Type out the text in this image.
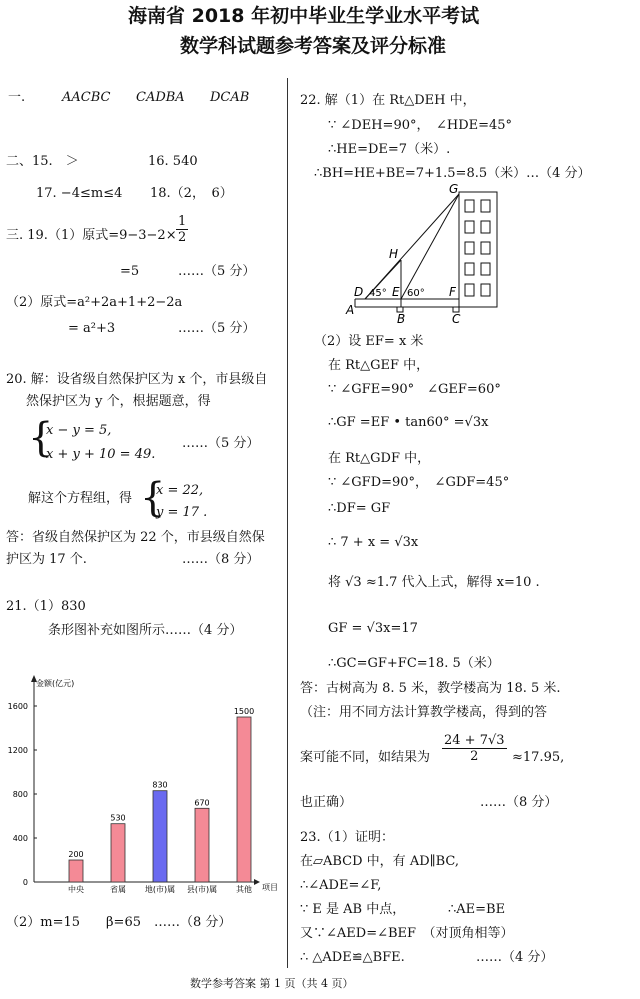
海南省 2018 年初中毕业生学业水平考试
数学科试题参考答案及评分标准
一.	AACBC CADBA DCAB
二、15.　＞	16. 540
17. −4≤m≤4 18.（2，　6）
三. 19.（1）原式$=9-3-2\times \frac{1}{2}$
=5	……（5 分）
（2）原式=a²+2a+1+2−2a
= a²+3	……（5 分）
20. 解：设省级自然保护区为 x 个，市县级自
然保护区为 y 个，根据题意，得
{
x − y = 5,
x + y + 10 = 49.
……（5 分）
解这个方程组，得 {
x = 22,
y = 17 .
答：省级自然保护区为 22 个，市县级自然保
护区为 17 个.	……（8 分）
21.（1）830
条形图补充如图所示……（4 分）
金额(亿元)
项目
0
400
800
1200
1600
200
中央
530
省属
830
地(市)属
670
县(市)属
1500
其他
（2）m=15　　β=65　……（8 分）
22. 解（1）在 Rt△DEH 中，
∵ ∠DEH=90°，　∠HDE=45°
∴HE=DE=7（米）.
∴BH=HE+BE=7+1.5=8.5（米）…（4 分）
G
H
D E	F
A
B	C
45° 60°
（2）设 EF= x 米
在 Rt△GEF 中，
∵ ∠GFE=90°　∠GEF=60°
∴GF =EF • tan60° =√3x
在 Rt△GDF 中，
∵ ∠GFD=90°，　∠GDF=45°
∴DF= GF
∴ 7 + x = √3x
将 √3 ≈1.7 代入上式，解得 x=10 .
GF = √3x=17
∴GC=GF+FC=18. 5（米）
答：古树高为 8. 5 米，教学楼高为 18. 5 米.
（注：用不同方法计算教学楼高，得到的答
案可能不同，如结果为 $\frac{24 + 7√3}{2} \approx 17.95$,
也正确）	……（8 分）
23.（1）证明：
在▱ABCD 中，有 AD∥BC,
∴∠ADE=∠F,
∵ E 是 AB 中点，	∴AE=BE
又∵∠AED=∠BEF　（对顶角相等）
∴ △ADE≌△BFE.	……（4 分）
数学参考答案 第 1 页（共 4 页）
